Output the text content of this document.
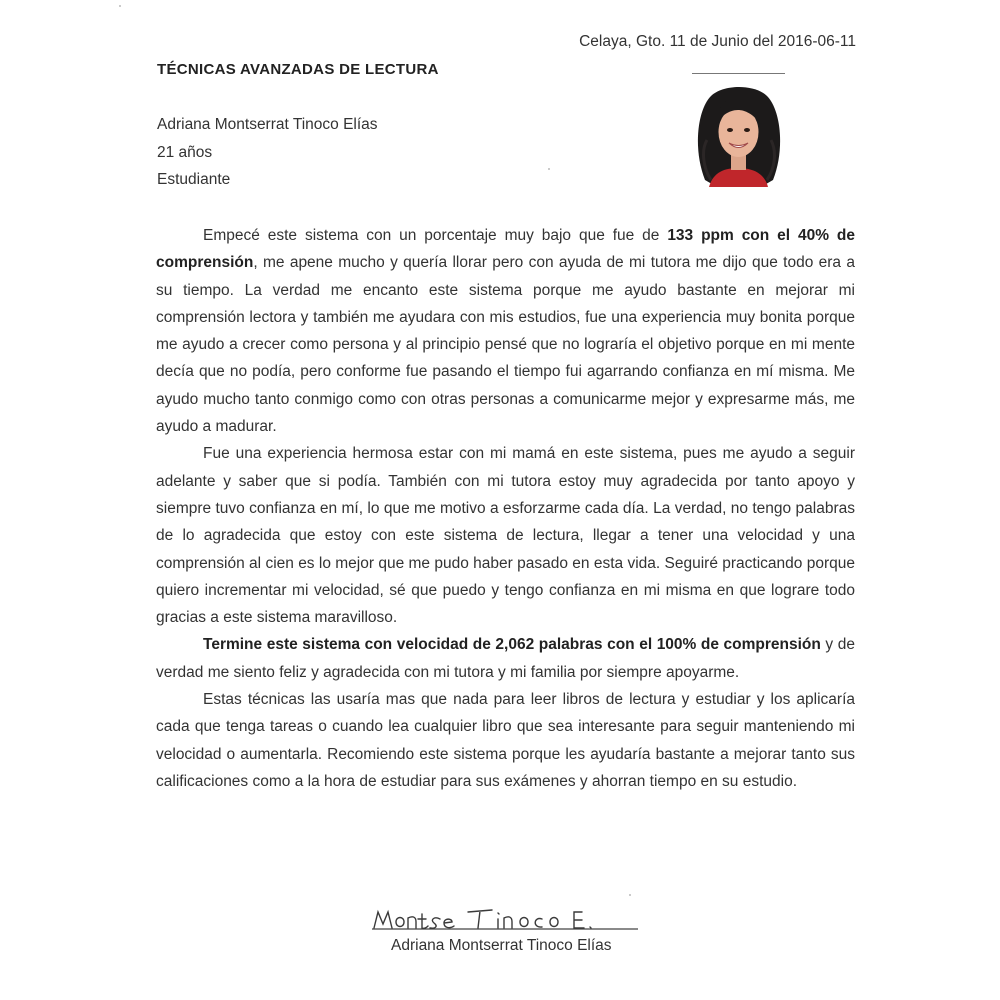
Celaya, Gto. 11 de Junio del 2016-06-11
TÉCNICAS AVANZADAS DE LECTURA
Adriana Montserrat Tinoco Elías
21 años
Estudiante

Empecé este sistema con un porcentaje muy bajo que fue de 133 ppm con el 40% de comprensión, me apene mucho y quería llorar pero con ayuda de mi tutora me dijo que todo era a su tiempo. La verdad me encanto este sistema porque me ayudo bastante en mejorar mi comprensión lectora y también me ayudara con mis estudios, fue una experiencia muy bonita porque me ayudo a crecer como persona y al principio pensé que no lograría el objetivo porque en mi mente decía que no podía, pero conforme fue pasando el tiempo fui agarrando confianza en mí misma. Me ayudo mucho tanto conmigo como con otras personas a comunicarme mejor y expresarme más, me ayudo a madurar.

Fue una experiencia hermosa estar con mi mamá en este sistema, pues me ayudo a seguir adelante y saber que si podía. También con mi tutora estoy muy agradecida por tanto apoyo y siempre tuvo confianza en mí, lo que me motivo a esforzarme cada día. La verdad, no tengo palabras de lo agradecida que estoy con este sistema de lectura, llegar a tener una velocidad y una comprensión al cien es lo mejor que me pudo haber pasado en esta vida. Seguiré practicando porque quiero incrementar mi velocidad, sé que puedo y tengo confianza en mi misma en que lograre todo gracias a este sistema maravilloso.

Termine este sistema con velocidad de 2,062 palabras con el 100% de comprensión y de verdad me siento feliz y agradecida con mi tutora y mi familia por siempre apoyarme.

Estas técnicas las usaría mas que nada para leer libros de lectura y estudiar y los aplicaría cada que tenga tareas o cuando lea cualquier libro que sea interesante para seguir manteniendo mi velocidad o aumentarla. Recomiendo este sistema porque les ayudaría bastante a mejorar tanto sus calificaciones como a la hora de estudiar para sus exámenes y ahorran tiempo en su estudio.

Adriana Montserrat Tinoco Elías
